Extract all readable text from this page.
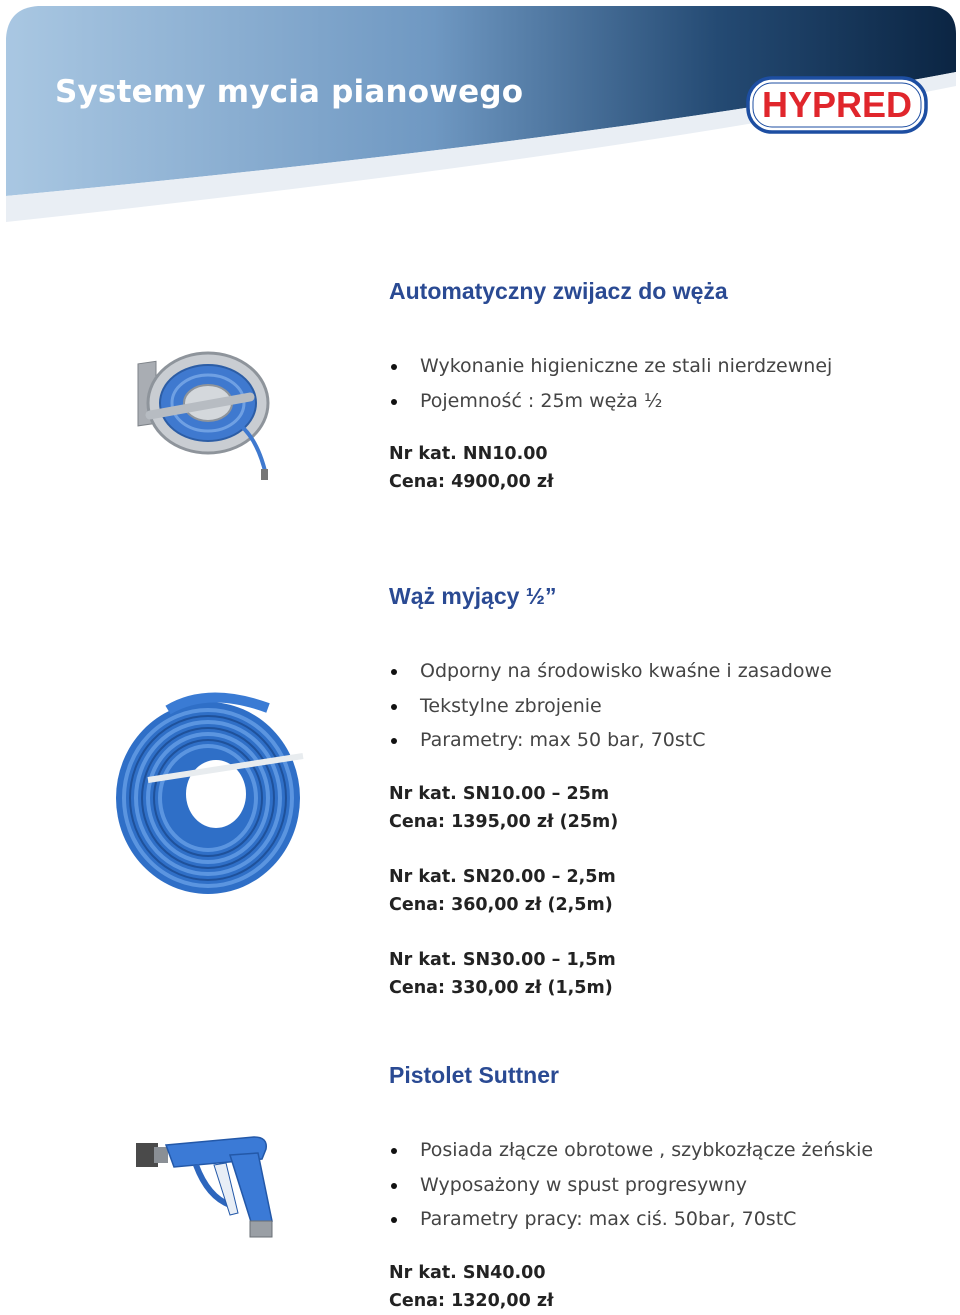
Systemy mycia pianowego	HYPRED
Automatyczny zwijacz do węża
Wykonanie higieniczne ze stali nierdzewnej
Pojemność : 25m węża ½
Nr kat. NN10.00
Cena: 4900,00 zł
Wąż myjący ½”
Odporny na środowisko kwaśne i zasadowe
Tekstylne zbrojenie
Parametry: max 50 bar, 70stC
Nr kat. SN10.00 – 25m
Cena: 1395,00 zł (25m)
Nr kat. SN20.00 – 2,5m
Cena: 360,00 zł (2,5m)
Nr kat. SN30.00 – 1,5m
Cena: 330,00 zł (1,5m)
Pistolet Suttner
Posiada złącze obrotowe , szybkozłącze żeńskie
Wyposażony w spust progresywny
Parametry pracy: max ciś. 50bar, 70stC
Nr kat. SN40.00
Cena: 1320,00 zł
